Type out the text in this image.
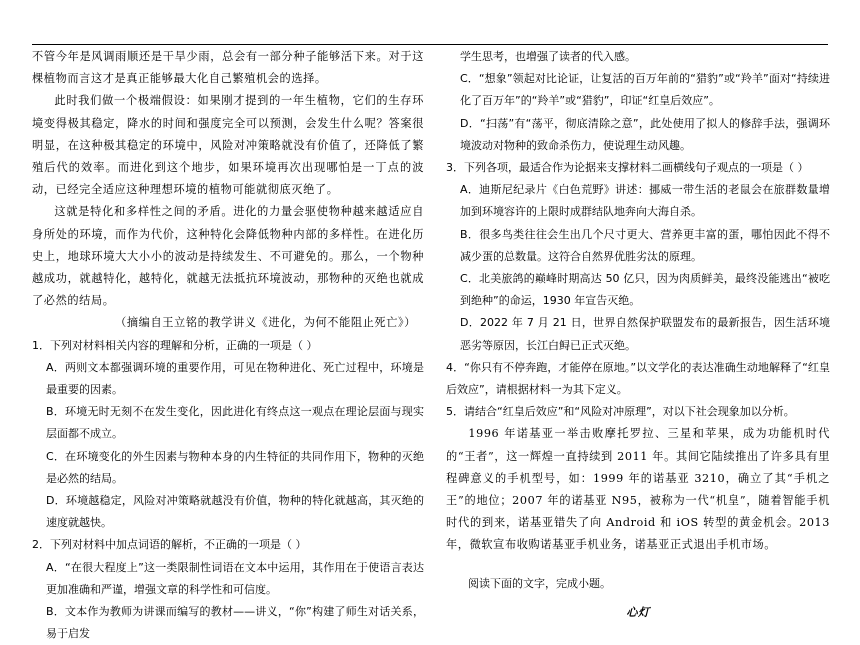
不管今年是风调雨顺还是干旱少雨，总会有一部分种子能够活下来。对于这棵植物而言这才是真正能够最大化自己繁殖机会的选择。

此时我们做一个极端假设：如果刚才提到的一年生植物，它们的生存环境变得极其稳定，降水的时间和强度完全可以预测，会发生什么呢？答案很明显，在这种极其稳定的环境中，风险对冲策略就没有价值了，还降低了繁殖后代的效率。而进化到这个地步，如果环境再次出现哪怕是一丁点的波动，已经完全适应这种理想环境的植物可能就彻底灭绝了。

这就是特化和多样性之间的矛盾。进化的力量会驱使物种越来越适应自身所处的环境，而作为代价，这种特化会降低物种内部的多样性。在进化历史上，地球环境大大小小的波动是持续发生、不可避免的。那么，一个物种越成功，就越特化，越特化，就越无法抵抗环境波动，那物种的灭绝也就成了必然的结局。

（摘编自王立铭的教学讲义《进化，为何不能阻止死亡》）

1．下列对材料相关内容的理解和分析，正确的一项是（ ）

A．两则文本都强调环境的重要作用，可见在物种进化、死亡过程中，环境是最重要的因素。

B．环境无时无刻不在发生变化，因此进化有终点这一观点在理论层面与现实层面都不成立。

C．在环境变化的外生因素与物种本身的内生特征的共同作用下，物种的灭绝是必然的结局。

D．环境越稳定，风险对冲策略就越没有价值，物种的特化就越高，其灭绝的速度就越快。

2．下列对材料中加点词语的解析，不正确的一项是（ ）

A．“在很大程度上”这一类限制性词语在文本中运用，其作用在于使语言表达更加准确和严谨，增强文章的科学性和可信度。

B．文本作为教师为讲课而编写的教材——讲义，“你”构建了师生对话关系，易于启发

学生思考，也增强了读者的代入感。

C．“想象”领起对比论证，让复活的百万年前的“猎豹”或“羚羊”面对“持续进化了百万年”的“羚羊”或“猎豹”，印证“红皇后效应”。

D．“扫荡”有“荡平，彻底清除之意”，此处使用了拟人的修辞手法，强调环境波动对物种的致命杀伤力，使说理生动风趣。

3．下列各项，最适合作为论据来支撑材料二画横线句子观点的一项是（ ）

A．迪斯尼纪录片《白色荒野》讲述：挪威一带生活的老鼠会在旅群数量增加到环境容许的上限时成群结队地奔向大海自杀。

B．很多鸟类往往会生出几个尺寸更大、营养更丰富的蛋，哪怕因此不得不减少蛋的总数量。这符合自然界优胜劣汰的原理。

C．北美旅鸽的巅峰时期高达 50 亿只，因为肉质鲜美，最终没能逃出“被吃到绝种”的命运，1930 年宣告灭绝。

D．2022 年 7 月 21 日，世界自然保护联盟发布的最新报告，因生活环境恶劣等原因，长江白鲟已正式灭绝。

4．“你只有不停奔跑，才能停在原地。”以文学化的表达准确生动地解释了“红皇后效应”，请根据材料一为其下定义。

5．请结合“红皇后效应”和“风险对冲原理”，对以下社会现象加以分析。

1996 年诺基亚一举击败摩托罗拉、三星和苹果，成为功能机时代的“王者”，这一辉煌一直持续到 2011 年。其间它陆续推出了许多具有里程碑意义的手机型号，如：1999 年的诺基亚 3210，确立了其“手机之王”的地位；2007 年的诺基亚 N95，被称为一代“机皇”，随着智能手机时代的到来，诺基亚错失了向 Android 和 iOS 转型的黄金机会。2013 年，微软宣布收购诺基亚手机业务，诺基亚正式退出手机市场。

阅读下面的文字，完成小题。

心灯
